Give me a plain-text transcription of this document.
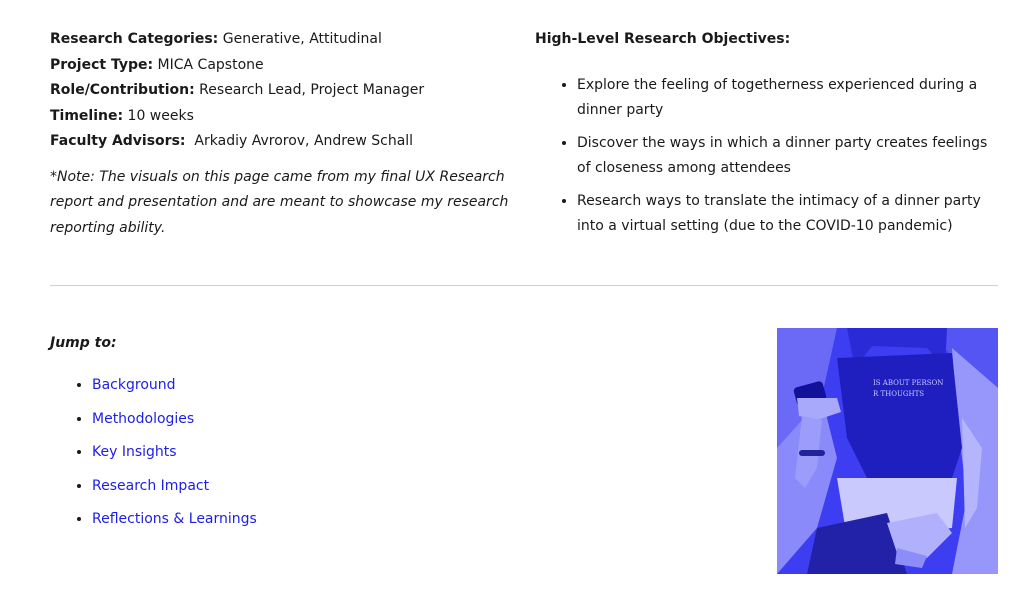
Research Categories: Generative, Attitudinal
Project Type: MICA Capstone
Role/Contribution: Research Lead, Project Manager
Timeline: 10 weeks
Faculty Advisors:  Arkadiy Avrorov, Andrew Schall
*Note: The visuals on this page came from my final UX Research report and presentation and are meant to showcase my research reporting ability.
High-Level Research Objectives:
• Explore the feeling of togetherness experienced during a dinner party
• Discover the ways in which a dinner party creates feelings of closeness among attendees
• Research ways to translate the intimacy of a dinner party into a virtual setting (due to the COVID-10 pandemic)
Jump to:
• Background
• Methodologies
• Key Insights
• Research Impact
• Reflections & Learnings
IS ABOUT PERSON
R THOUGHTS
